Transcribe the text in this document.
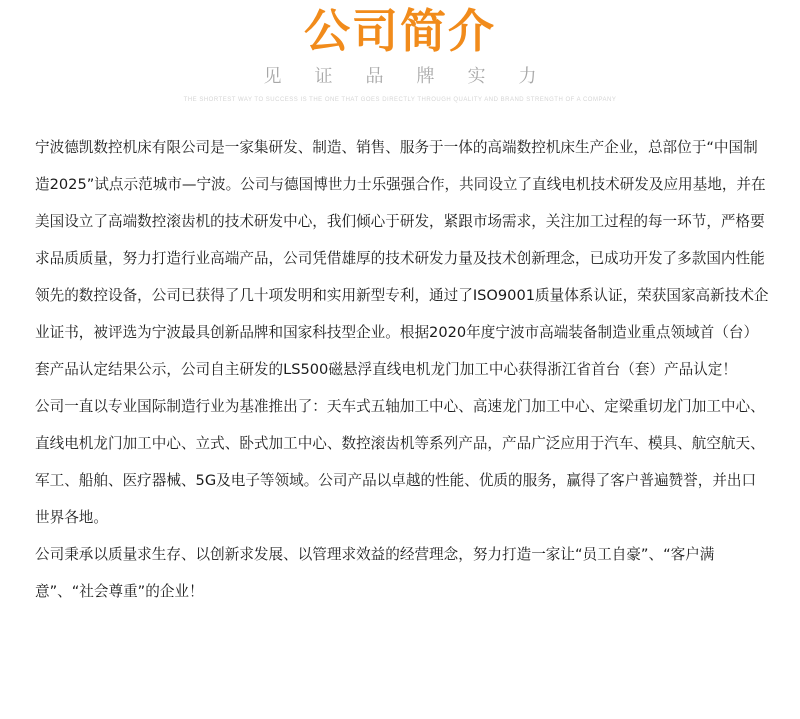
公司简介
见证品牌实力
THE SHORTEST WAY TO SUCCESS IS THE ONE THAT GOES DIRECTLY THROUGH QUALITY AND BRAND STRENGTH OF A COMPANY

宁波德凯数控机床有限公司是一家集研发、制造、销售、服务于一体的高端数控机床生产企业，总部位于“中国制造2025”试点示范城市—宁波。公司与德国博世力士乐强强合作，共同设立了直线电机技术研发及应用基地，并在美国设立了高端数控滚齿机的技术研发中心，我们倾心于研发，紧跟市场需求，关注加工过程的每一环节，严格要求品质质量，努力打造行业高端产品，公司凭借雄厚的技术研发力量及技术创新理念，已成功开发了多款国内性能领先的数控设备，公司已获得了几十项发明和实用新型专利，通过了ISO9001质量体系认证，荣获国家高新技术企业证书，被评选为宁波最具创新品牌和国家科技型企业。根据2020年度宁波市高端装备制造业重点领域首（台）套产品认定结果公示，公司自主研发的LS500磁悬浮直线电机龙门加工中心获得浙江省首台（套）产品认定！

公司一直以专业国际制造行业为基准推出了：天车式五轴加工中心、高速龙门加工中心、定梁重切龙门加工中心、直线电机龙门加工中心、立式、卧式加工中心、数控滚齿机等系列产品，产品广泛应用于汽车、模具、航空航天、军工、船舶、医疗器械、5G及电子等领域。公司产品以卓越的性能、优质的服务，赢得了客户普遍赞誉，并出口世界各地。

公司秉承以质量求生存、以创新求发展、以管理求效益的经营理念，努力打造一家让“员工自豪”、“客户满意”、“社会尊重”的企业！
